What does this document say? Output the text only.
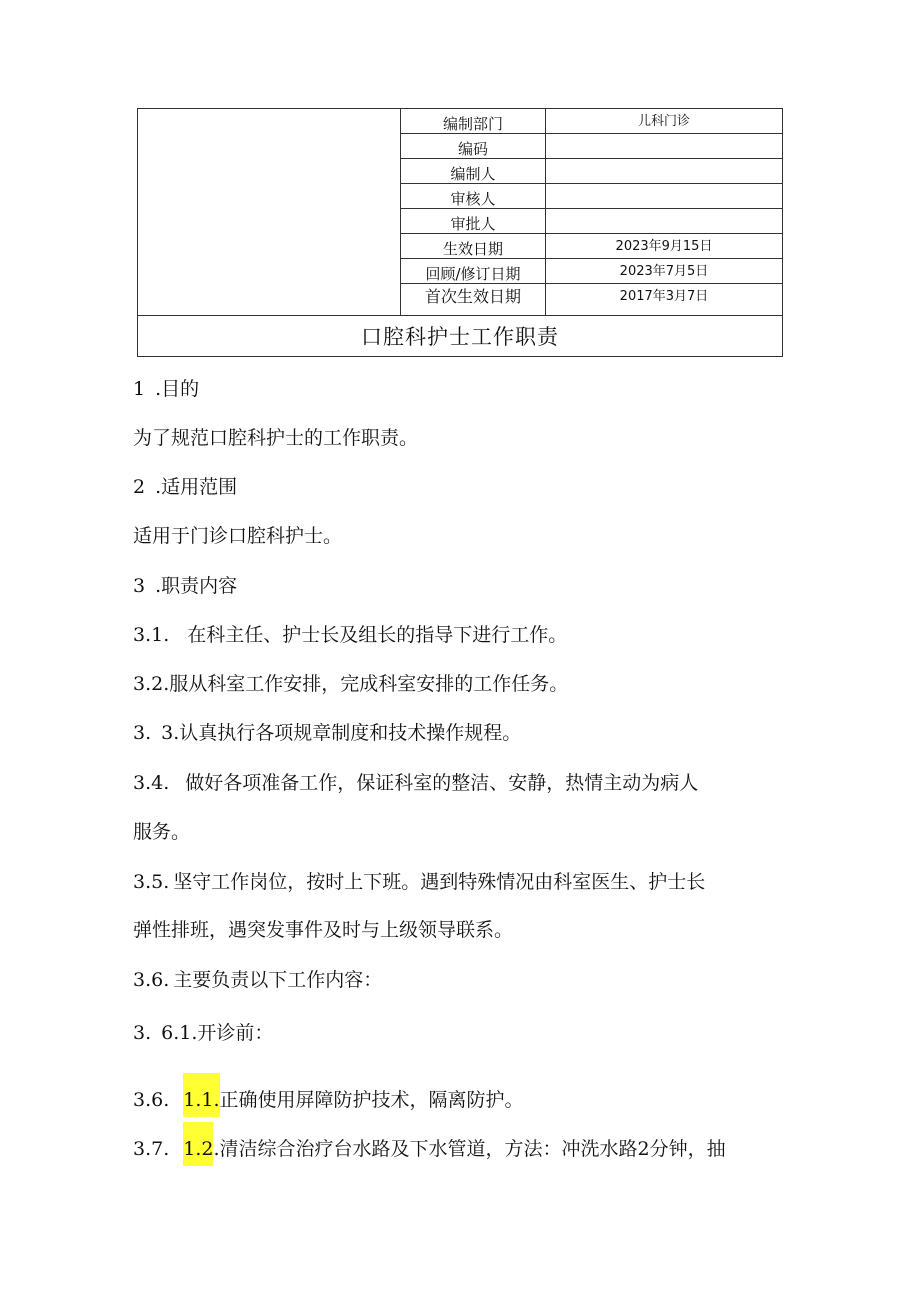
编制部门	儿科门诊
编码
编制人
审核人
审批人
生效日期	2023年9月15日
回顾/修订日期	2023年7月5日
首次生效日期	2017年3月7日
口腔科护士工作职责
1 .目的
为了规范口腔科护士的工作职责。
2 .适用范围
适用于门诊口腔科护士。
3 .职责内容
3.1. 在科主任、护士长及组长的指导下进行工作。
3.2.服从科室工作安排，完成科室安排的工作任务。
3. 3.认真执行各项规章制度和技术操作规程。
3.4. 做好各项准备工作，保证科室的整洁、安静，热情主动为病人
服务。
3.5. 坚守工作岗位，按时上下班。遇到特殊情况由科室医生、护士长
弹性排班，遇突发事件及时与上级领导联系。
3.6. 主要负责以下工作内容：
3. 6.1.开诊前：
3.6. 1.1.正确使用屏障防护技术，隔离防护。
3.7. 1.2.清洁综合治疗台水路及下水管道，方法：冲洗水路2分钟，抽
